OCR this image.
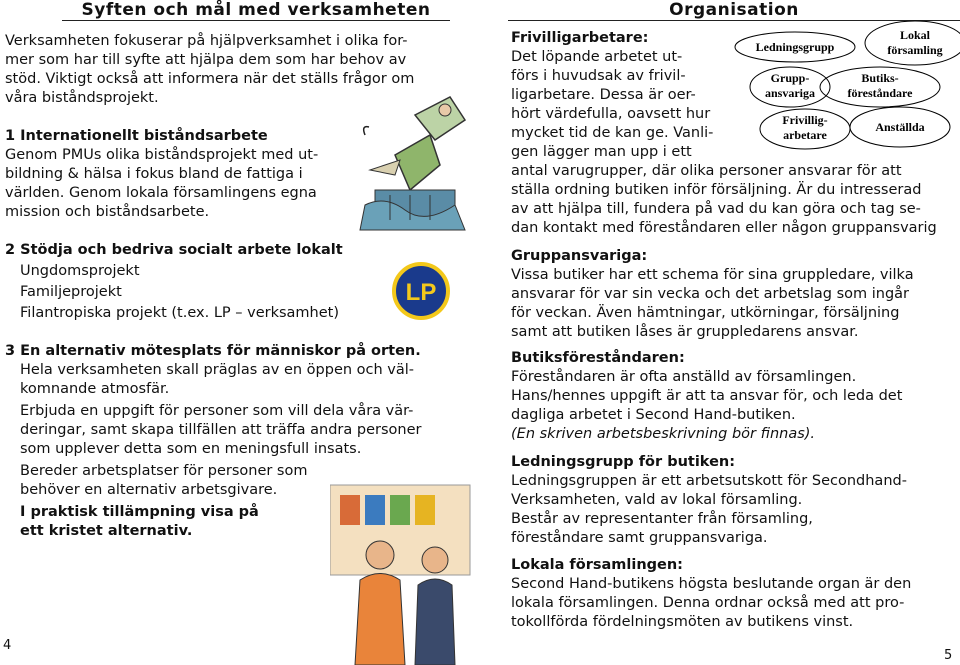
Syften och mål med verksamheten
Verksamheten fokuserar på hjälpverksamhet i olika for-
mer som har till syfte att hjälpa dem som har behov av
stöd. Viktigt också att informera när det ställs frågor om
våra biståndsprojekt.
1 Internationellt biståndsarbete
Genom PMUs olika biståndsprojekt med ut-
bildning & hälsa i fokus bland de fattiga i
världen. Genom lokala församlingens egna
mission och biståndsarbete.
2 Stödja och bedriva socialt arbete lokalt
Ungdomsprojekt
Familjeprojekt
Filantropiska projekt (t.ex. LP – verksamhet)
3 En alternativ mötesplats för människor på orten.
Hela verksamheten skall präglas av en öppen och väl-
komnande atmosfär.
Erbjuda en uppgift för personer som vill dela våra vär-
deringar, samt skapa tillfällen att träffa andra personer
som upplever detta som en meningsfull insats.
Bereder arbetsplatser för personer som
behöver en alternativ arbetsgivare.
I praktisk tillämpning visa på
ett kristet alternativ.
LP
4
Organisation
Ledningsgrupp
Lokal
församling
Grupp-
ansvariga
Butiks-
föreståndare
Frivillig-
arbetare
Anställda
Frivilligarbetare:
Det löpande arbetet ut-
förs i huvudsak av frivil-
ligarbetare. Dessa är oer-
hört värdefulla, oavsett hur
mycket tid de kan ge. Vanli-
gen lägger man upp i ett
antal varugrupper, där olika personer ansvarar för att
ställa ordning butiken inför försäljning. Är du intresserad
av att hjälpa till, fundera på vad du kan göra och tag se-
dan kontakt med föreståndaren eller någon gruppansvarig
Gruppansvariga:
Vissa butiker har ett schema för sina gruppledare, vilka
ansvarar för var sin vecka och det arbetslag som ingår
för veckan. Även hämtningar, utkörningar, försäljning
samt att butiken låses är gruppledarens ansvar.
Butiksföreståndaren:
Föreståndaren är ofta anställd av församlingen.
Hans/hennes uppgift är att ta ansvar för, och leda det
dagliga arbetet i Second Hand-butiken.
(En skriven arbetsbeskrivning bör finnas).
Ledningsgrupp för butiken:
Ledningsgruppen är ett arbetsutskott för Secondhand-
Verksamheten, vald av lokal församling.
Består av representanter från församling,
föreståndare samt gruppansvariga.
Lokala församlingen:
Second Hand-butikens högsta beslutande organ är den
lokala församlingen. Denna ordnar också med att pro-
tokollförda fördelningsmöten av butikens vinst.
5
